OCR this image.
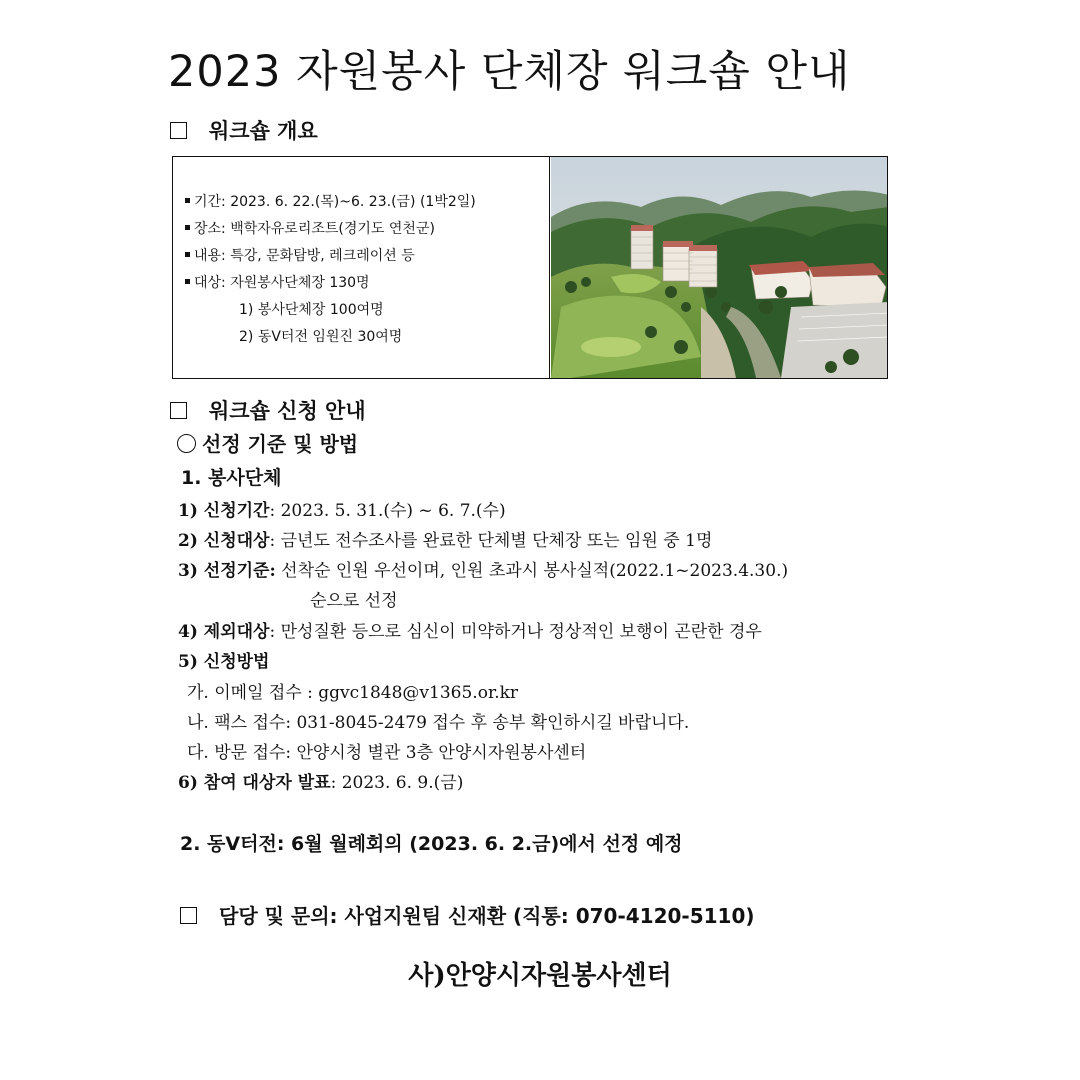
2023 자원봉사 단체장 워크숍 안내
워크숍 개요
기간: 2023. 6. 22.(목)~6. 23.(금) (1박2일)
장소: 백학자유로리조트(경기도 연천군)
내용: 특강, 문화탐방, 레크레이션 등
대상: 자원봉사단체장 130명
1) 봉사단체장 100여명
2) 동V터전 임원진 30여명
워크숍 신청 안내
선정 기준 및 방법
1. 봉사단체
1) 신청기간: 2023. 5. 31.(수) ~ 6. 7.(수)
2) 신청대상: 금년도 전수조사를 완료한 단체별 단체장 또는 임원 중 1명
3) 선정기준: 선착순 인원 우선이며, 인원 초과시 봉사실적(2022.1~2023.4.30.)
순으로 선정
4) 제외대상: 만성질환 등으로 심신이 미약하거나 정상적인 보행이 곤란한 경우
5) 신청방법
가. 이메일 접수 : ggvc1848@v1365.or.kr
나. 팩스 접수: 031-8045-2479 접수 후 송부 확인하시길 바랍니다.
다. 방문 접수: 안양시청 별관 3층 안양시자원봉사센터
6) 참여 대상자 발표: 2023. 6. 9.(금)
2. 동V터전: 6월 월례회의 (2023. 6. 2.금)에서 선정 예정
담당 및 문의: 사업지원팀 신재환 (직통: 070-4120-5110)
사)안양시자원봉사센터
